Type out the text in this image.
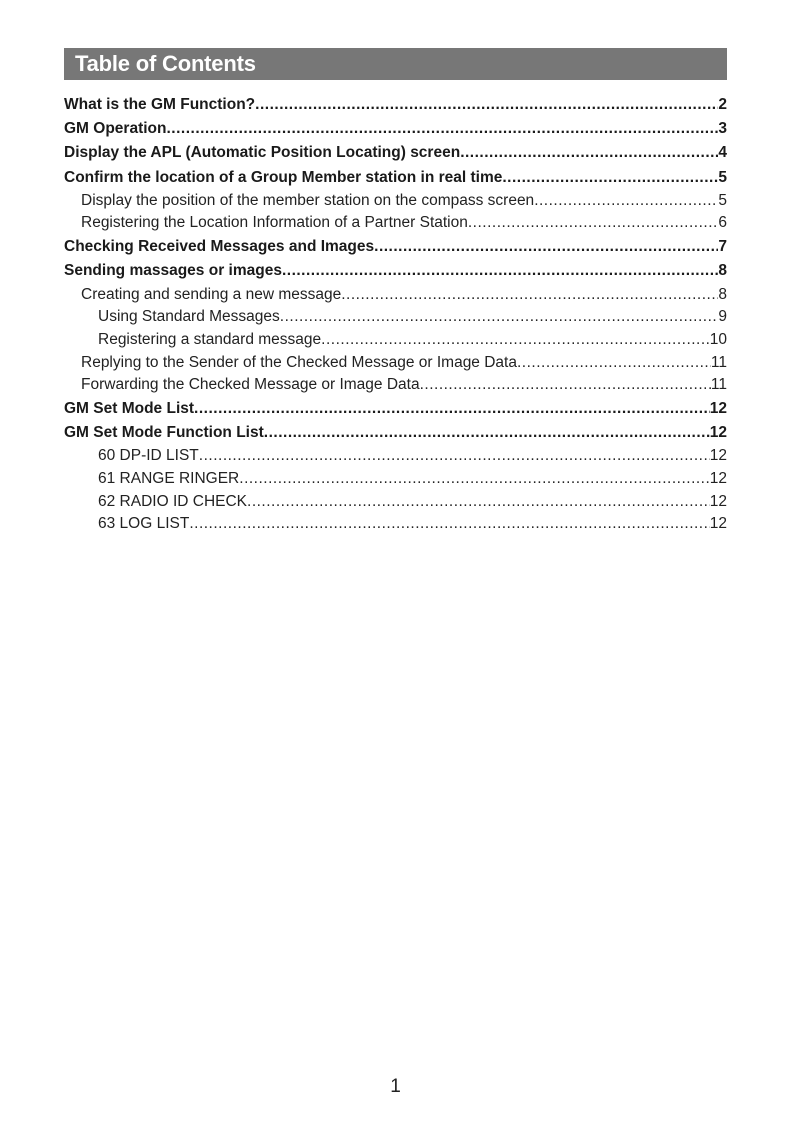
Table of Contents
What is the GM Function? .....	2
GM Operation .....	3
Display the APL (Automatic Position Locating) screen .....	4
Confirm the location of a Group Member station in real time .....	5
Display the position of the member station on the compass screen .....	5
Registering the Location Information of a Partner Station .....	6
Checking Received Messages and Images .....	7
Sending massages or images .....	8
Creating and sending a new message .....	8
Using Standard Messages .....	9
Registering a standard message .....	10
Replying to the Sender of the Checked Message or Image Data .....	11
Forwarding the Checked Message or Image Data .....	11
GM Set Mode List .....	12
GM Set Mode Function List .....	12
60 DP-ID LIST .....	12
61 RANGE RINGER .....	12
62 RADIO ID CHECK .....	12
63 LOG LIST .....	12
1
